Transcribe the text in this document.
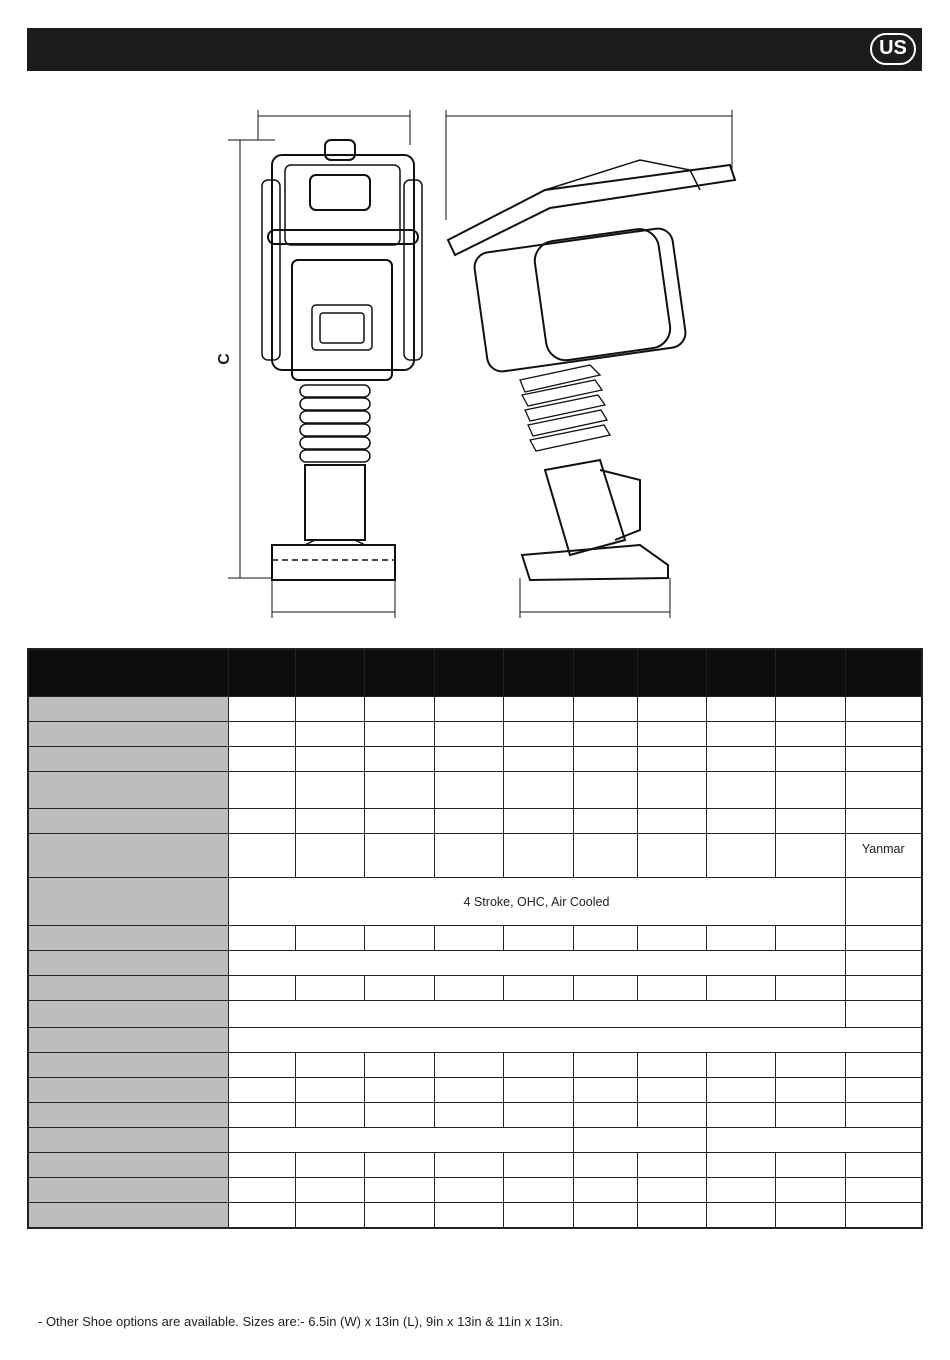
US
C

										Yanmar
	4 Stroke, OHC, Air Cooled									

- Other Shoe options are available. Sizes are:- 6.5in (W) x 13in (L), 9in x 13in & 11in x 13in.
